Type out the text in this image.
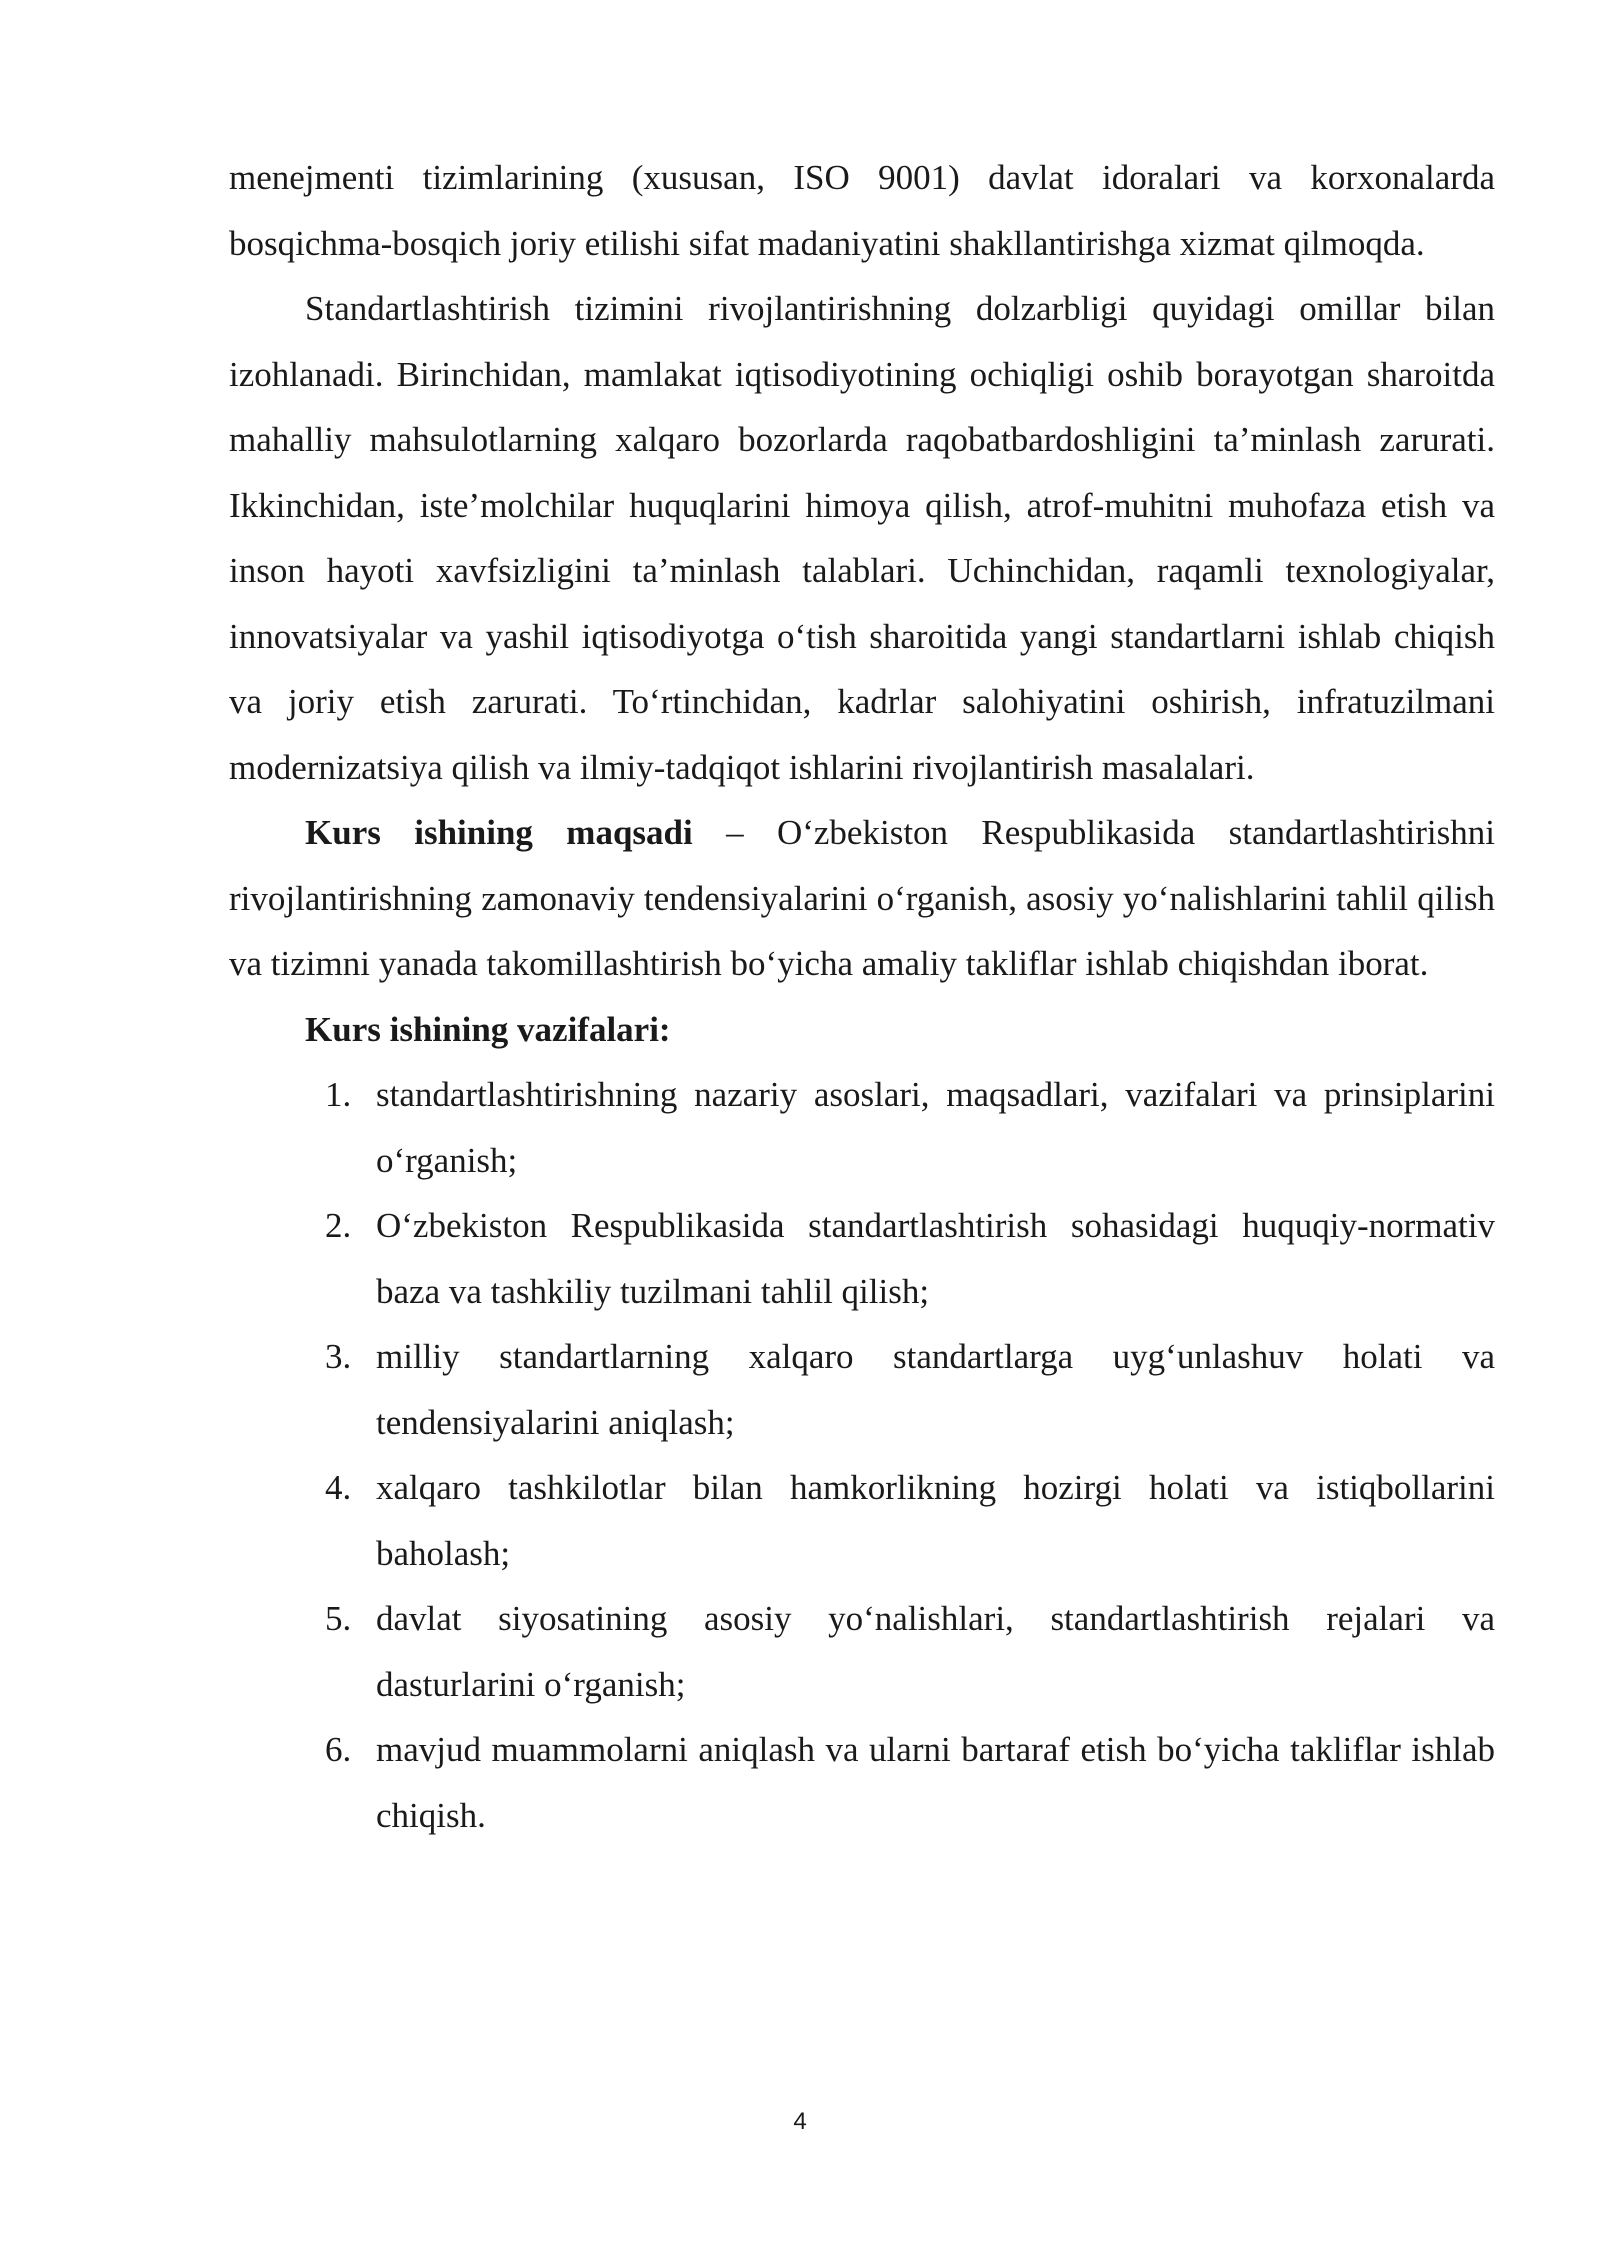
menejmenti tizimlarining (xususan, ISO 9001) davlat idoralari va korxonalarda bosqichma-bosqich joriy etilishi sifat madaniyatini shakllantirishga xizmat qilmoqda.

Standartlashtirish tizimini rivojlantirishning dolzarbligi quyidagi omillar bilan izohlanadi. Birinchidan, mamlakat iqtisodiyotining ochiqligi oshib borayotgan sharoitda mahalliy mahsulotlarning xalqaro bozorlarda raqobatbardoshligini ta’minlash zarurati. Ikkinchidan, iste’molchilar huquqlarini himoya qilish, atrof-muhitni muhofaza etish va inson hayoti xavfsizligini ta’minlash talablari. Uchinchidan, raqamli texnologiyalar, innovatsiyalar va yashil iqtisodiyotga o‘tish sharoitida yangi standartlarni ishlab chiqish va joriy etish zarurati. To‘rtinchidan, kadrlar salohiyatini oshirish, infratuzilmani modernizatsiya qilish va ilmiy-tadqiqot ishlarini rivojlantirish masalalari.

Kurs ishining maqsadi – O‘zbekiston Respublikasida standartlashtirishni rivojlantirishning zamonaviy tendensiyalarini o‘rganish, asosiy yo‘nalishlarini tahlil qilish va tizimni yanada takomillashtirish bo‘yicha amaliy takliflar ishlab chiqishdan iborat.

Kurs ishining vazifalari:

1. standartlashtirishning nazariy asoslari, maqsadlari, vazifalari va prinsiplarini o‘rganish;
2. O‘zbekiston Respublikasida standartlashtirish sohasidagi huquqiy-normativ baza va tashkiliy tuzilmani tahlil qilish;
3. milliy standartlarning xalqaro standartlarga uyg‘unlashuv holati va tendensiyalarini aniqlash;
4. xalqaro tashkilotlar bilan hamkorlikning hozirgi holati va istiqbollarini baholash;
5. davlat siyosatining asosiy yo‘nalishlari, standartlashtirish rejalari va dasturlarini o‘rganish;
6. mavjud muammolarni aniqlash va ularni bartaraf etish bo‘yicha takliflar ishlab chiqish.
4
